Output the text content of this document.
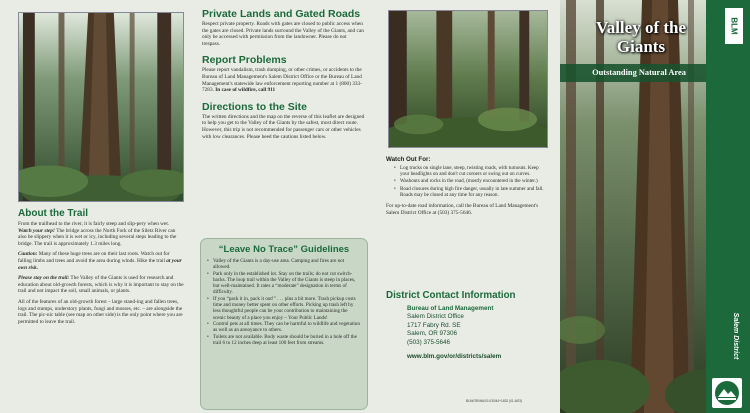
About the Trail

From the trailhead to the river, it is fairly steep and slip-pery when wet. Watch your step! The bridge across the North Fork of the Siletz River can also be slippery when it is wet or icy, including several steps leading to the bridge. The trail is approximately 1.3 miles long.

Caution: Many of these huge trees are on their last roots. Watch out for falling limbs and trees and avoid the area during winds. Hike the trail at your own risk.

Please stay on the trail: The Valley of the Giants is used for research and education about old-growth forests, which is why it is important to stay on the trail and not impact the soil, small animals, or plants.

All of the features of an old-growth forest – large stand-ing and fallen trees, logs and stumps, understory plants, fungi and mosses, etc. – are alongside the trail. The pic-nic table (see map on other side) is the only point where you are permitted to leave the trail.

Private Lands and Gated Roads
Respect private property. Roads with gates are closed to public access when the gates are closed. Private lands surround the Valley of the Giants, and can only be accessed with permission from the landowner. Please do not trespass.
Report Problems
Please report vandalism, trash dumping, or other crimes, or accidents to the Bureau of Land Management's Salem District Office or the Bureau of Land Management's statewide law enforcement reporting number at 1 (800) 333-7283. In case of wildfire, call 911
Directions to the Site
The written directions and the map on the reverse of this leaflet are designed to help you get to the Valley of the Giants by the safest, most direct route. However, this trip is not recommended for passenger cars or other vehicles with low clearances. Please heed the cautions listed below.
“Leave No Trace” Guidelines
• Valley of the Giants is a day-use area. Camping and fires are not allowed.
• Park only in the established lot. Stay on the trails; do not cut switch-backs. The loop trail within the Valley of the Giants is steep in places, but well-maintained. It rates a “moderate” designation in terms of difficulty.
• If you “pack it in, pack it out!” . . . plus a bit more. Trash pickup costs time and money better spent on other efforts. Picking up trash left by less thoughtful people can be your contribution to maintaining the scenic beauty of a place you enjoy – Your Public Lands!
• Control pets at all times. They can be harmful to wildlife and vegetation as well as an annoyance to others.
• Toilets are not available. Body waste should be buried in a hole off the trail 6 to 12 inches deep at least 100 feet from streams.
Watch Out For:
• Log trucks on single lane, steep, twisting roads, with turnouts. Keep your headlights on and don't cut corners or swing out on curves.
• Washouts and rocks in the road, (mostly encountered in the winter.)
• Road closures during high fire danger, usually in late summer and fall. Roads may be closed at any time for any reason.
For up-to-date road information, call the Bureau of Land Management's Salem District Office at (503) 375-5646.
District Contact Information
Bureau of Land Management
Salem District Office
1717 Fabry Rd. SE
Salem, OR 97306
(503) 375-5646
www.blm.gov/or/districts/salem
BLM/OR/WA/GI-03/044+1632 (01-6/03)
Valley of the
Giants
Outstanding Natural Area
BLM
Salem District
